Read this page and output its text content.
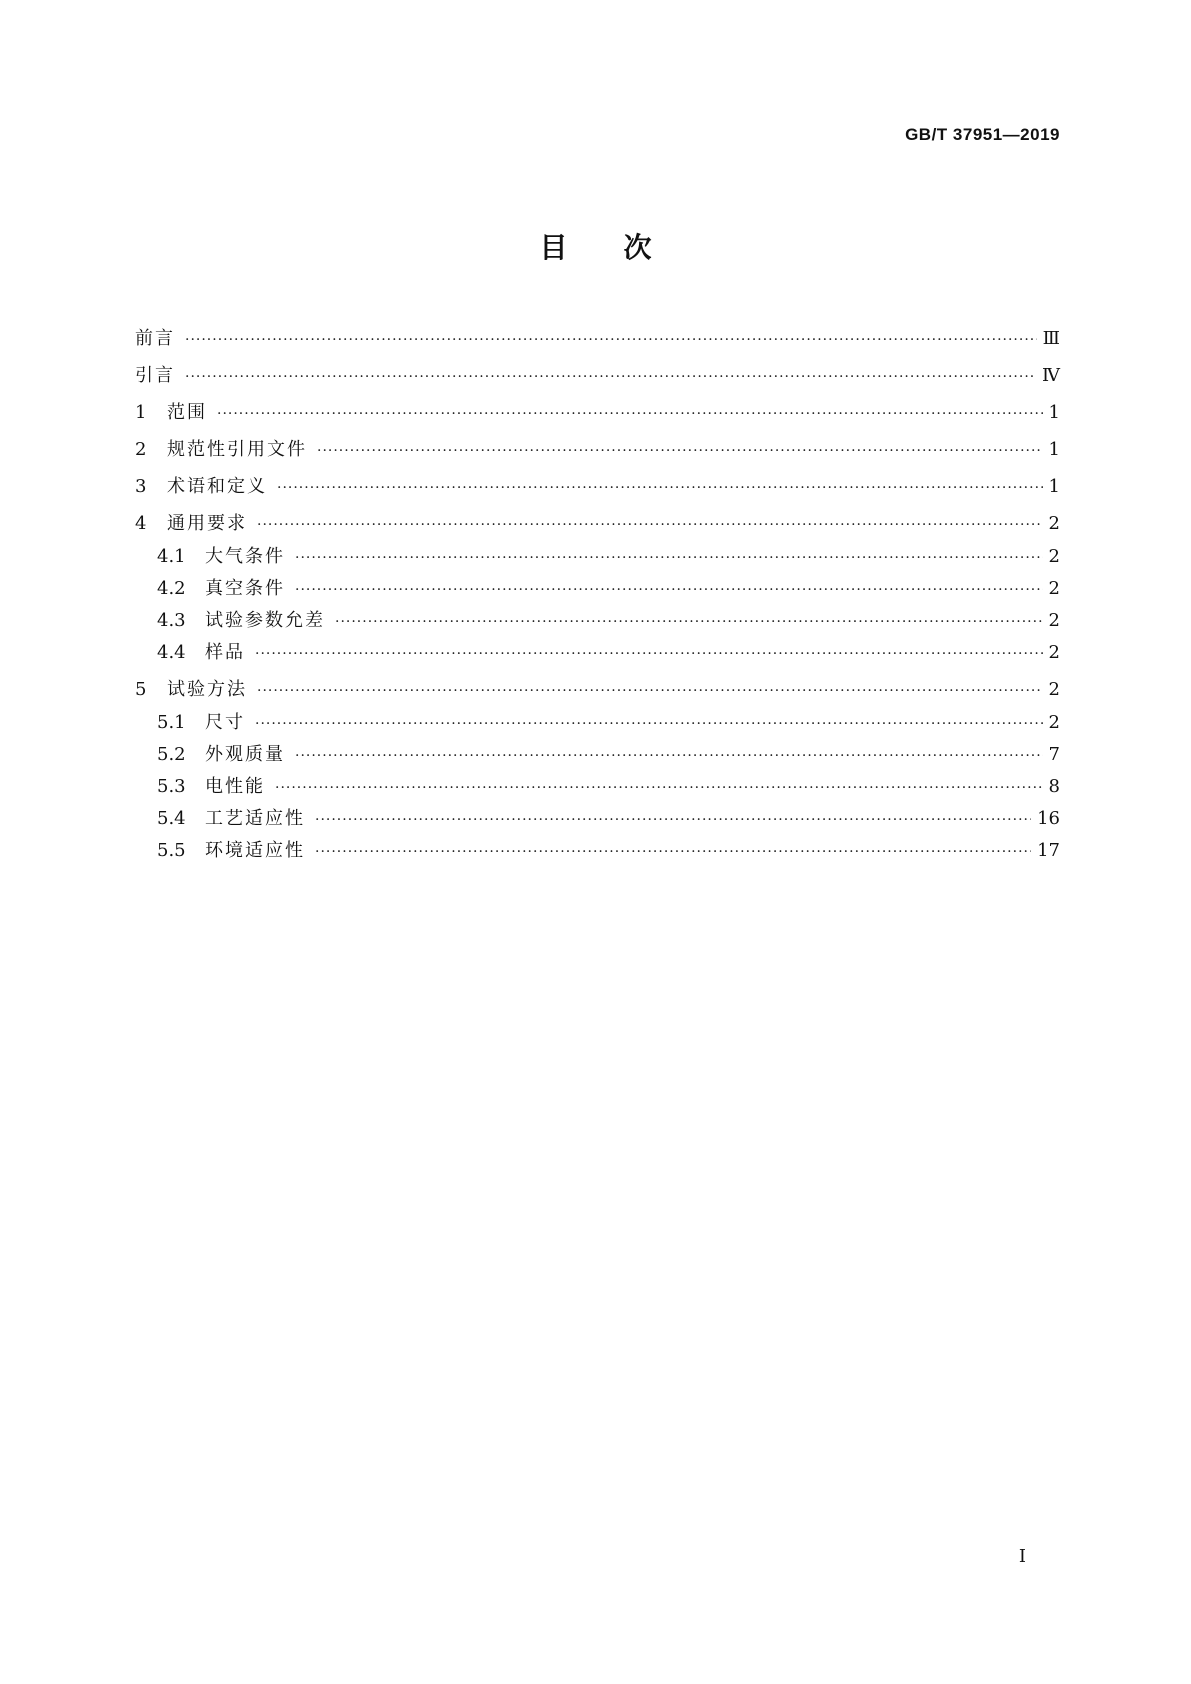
GB/T 37951—2019
目次
前言 ·····	Ⅲ
引言 ·····	Ⅳ
1	范围 ·····	1
2	规范性引用文件 ·····	1
3	术语和定义 ·····	1
4	通用要求 ·····	2
4.1	大气条件 ·····	2
4.2	真空条件 ·····	2
4.3	试验参数允差 ·····	2
4.4	样品 ·····	2
5	试验方法 ·····	2
5.1	尺寸 ·····	2
5.2	外观质量 ·····	7
5.3	电性能 ·····	8
5.4	工艺适应性 ·····	16
5.5	环境适应性 ·····	17
I
